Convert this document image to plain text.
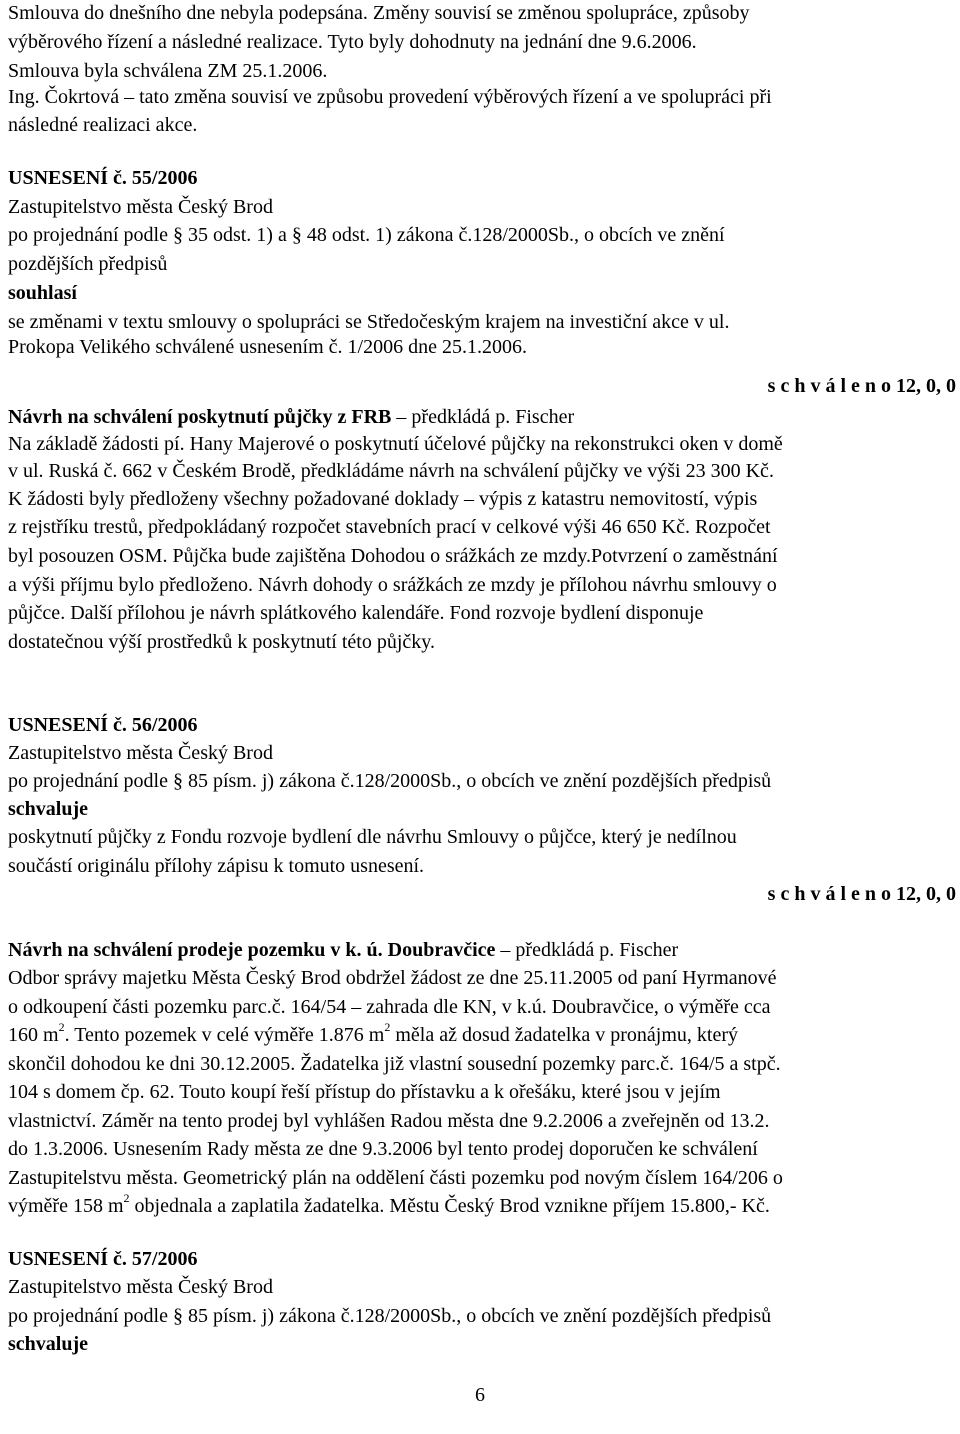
Smlouva do dnešního dne nebyla podepsána. Změny souvisí se změnou spolupráce, způsoby
výběrového řízení a následné realizace. Tyto byly dohodnuty na jednání dne 9.6.2006.
Smlouva byla schválena ZM 25.1.2006.
Ing. Čokrtová – tato změna souvisí ve způsobu provedení výběrových řízení a ve spolupráci při
následné realizaci akce.
USNESENÍ č. 55/2006
Zastupitelstvo města Český Brod
po projednání podle § 35 odst. 1) a § 48 odst. 1) zákona č.128/2000Sb., o obcích ve znění
pozdějších předpisů
souhlasí
se změnami v textu smlouvy o spolupráci se Středočeským krajem na investiční akce v ul.
Prokopa Velikého schválené usnesením č. 1/2006 dne 25.1.2006.
s c h v á l e n o 12, 0, 0
Návrh na schválení poskytnutí půjčky z FRB – předkládá p. Fischer
Na základě žádosti pí. Hany Majerové o poskytnutí účelové půjčky na rekonstrukci oken v domě
v ul. Ruská č. 662 v Českém Brodě, předkládáme návrh na schválení půjčky ve výši 23 300 Kč.
K žádosti byly předloženy všechny požadované doklady – výpis z katastru nemovitostí, výpis
z rejstříku trestů, předpokládaný rozpočet stavebních prací v celkové výši 46 650 Kč. Rozpočet
byl posouzen OSM. Půjčka bude zajištěna Dohodou o srážkách ze mzdy.Potvrzení o zaměstnání
a výši příjmu bylo předloženo. Návrh dohody o srážkách ze mzdy je přílohou návrhu smlouvy o
půjčce. Další přílohou je návrh splátkového kalendáře. Fond rozvoje bydlení disponuje
dostatečnou výší prostředků k poskytnutí této půjčky.
USNESENÍ č. 56/2006
Zastupitelstvo města Český Brod
po projednání podle § 85 písm. j) zákona č.128/2000Sb., o obcích ve znění pozdějších předpisů
schvaluje
poskytnutí půjčky z Fondu rozvoje bydlení dle návrhu Smlouvy o půjčce, který je nedílnou
součástí originálu přílohy zápisu k tomuto usnesení.
s c h v á l e n o 12, 0, 0
Návrh na schválení prodeje pozemku v k. ú. Doubravčice – předkládá p. Fischer
Odbor správy majetku Města Český Brod obdržel žádost ze dne 25.11.2005 od paní Hyrmanové
o odkoupení části pozemku parc.č. 164/54 – zahrada dle KN, v k.ú. Doubravčice, o výměře cca
160 $m^2$. Tento pozemek v celé výměře 1.876 $m^2$ měla až dosud žadatelka v pronájmu, který
skončil dohodou ke dni 30.12.2005. Žadatelka již vlastní sousední pozemky parc.č. 164/5 a stpč.
104 s domem čp. 62. Touto koupí řeší přístup do přístavku a k ořešáku, které jsou v jejím
vlastnictví. Záměr na tento prodej byl vyhlášen Radou města dne 9.2.2006 a zveřejněn od 13.2.
do 1.3.2006. Usnesením Rady města ze dne 9.3.2006 byl tento prodej doporučen ke schválení
Zastupitelstvu města. Geometrický plán na oddělení části pozemku pod novým číslem 164/206 o
výměře 158 $m^2$ objednala a zaplatila žadatelka. Městu Český Brod vznikne příjem 15.800,- Kč.
USNESENÍ č. 57/2006
Zastupitelstvo města Český Brod
po projednání podle § 85 písm. j) zákona č.128/2000Sb., o obcích ve znění pozdějších předpisů
schvaluje
6
